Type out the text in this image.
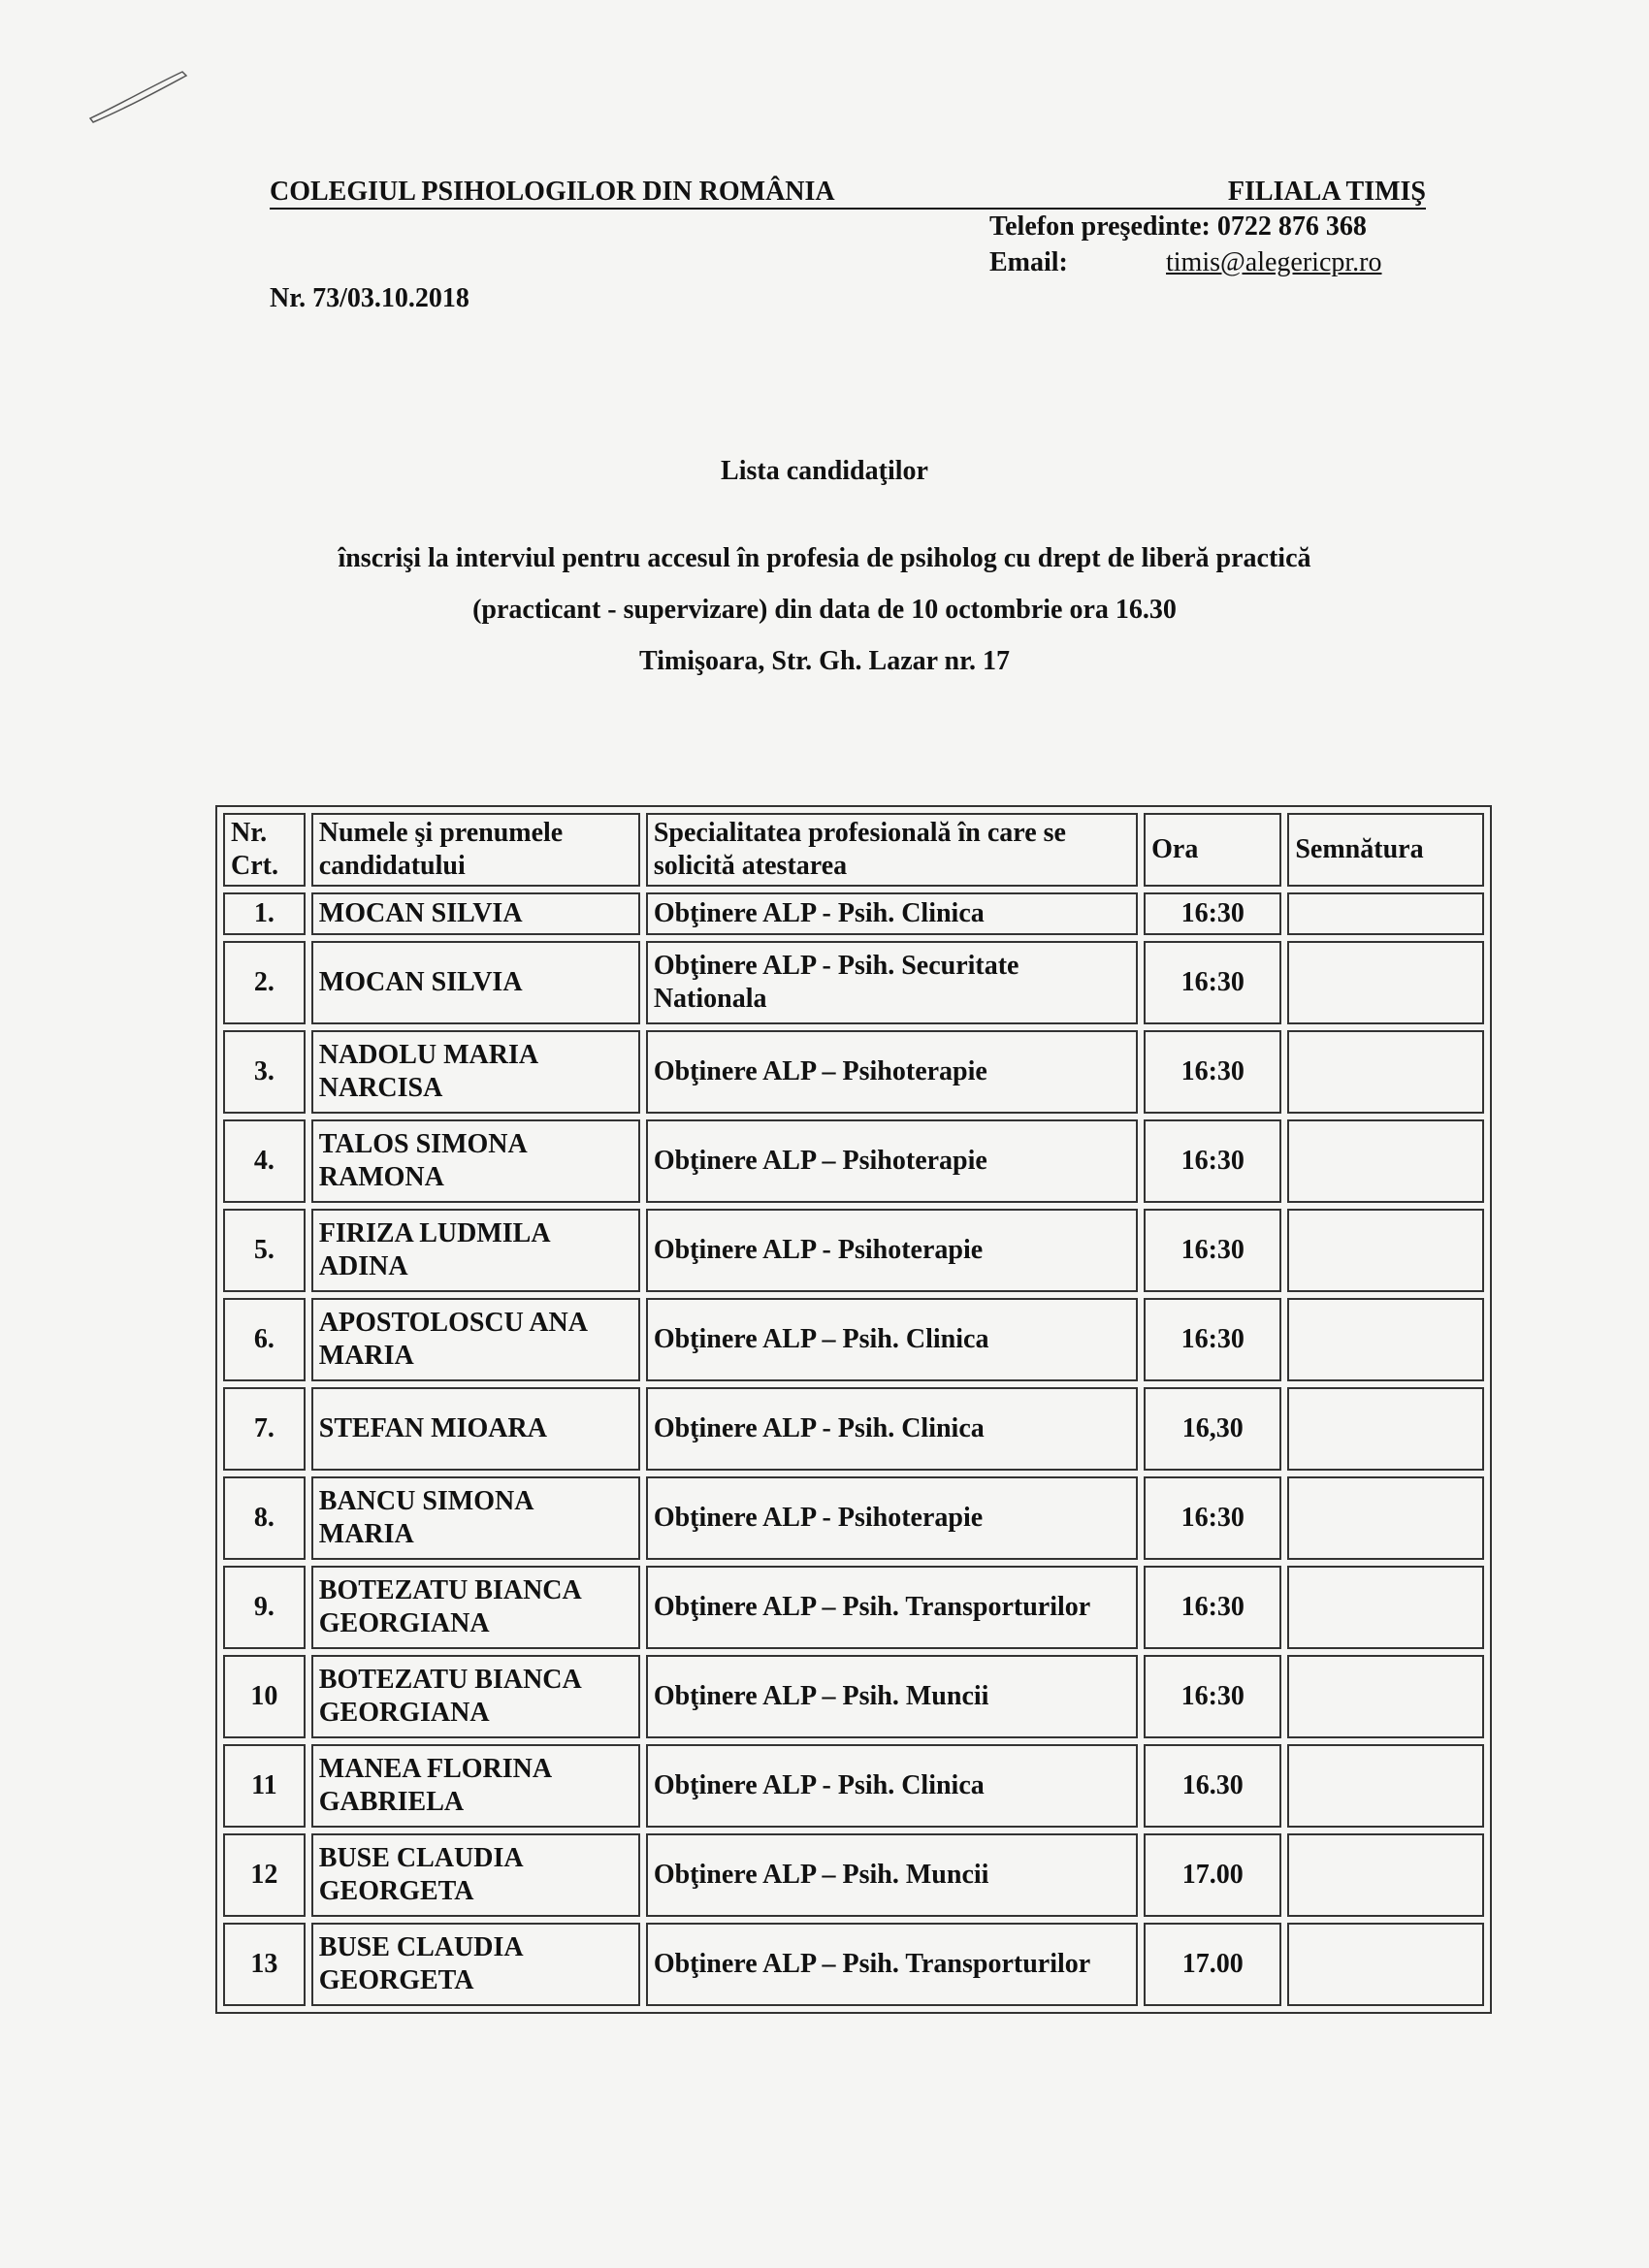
COLEGIUL PSIHOLOGILOR DIN ROMÂNIA	FILIALA TIMIŞ
Telefon preşedinte: 0722 876 368
Email:	timis@alegericpr.ro
Nr. 73/03.10.2018
Lista candidaţilor
înscrişi la interviul pentru accesul în profesia de psiholog cu drept de liberă practică
(practicant - supervizare) din data de 10 octombrie ora 16.30
Timişoara, Str. Gh. Lazar nr. 17
Nr. Crt.	Numele şi prenumele candidatului	Specialitatea profesională în care se solicită atestarea	Ora	Semnătura
1.	MOCAN SILVIA	Obţinere ALP - Psih. Clinica	16:30	
2.	MOCAN SILVIA	Obţinere ALP - Psih. Securitate Nationala	16:30	
3.	NADOLU MARIA NARCISA	Obţinere ALP – Psihoterapie	16:30	
4.	TALOS SIMONA RAMONA	Obţinere ALP – Psihoterapie	16:30	
5.	FIRIZA LUDMILA ADINA	Obţinere ALP - Psihoterapie	16:30	
6.	APOSTOLOSCU ANA MARIA	Obţinere ALP – Psih. Clinica	16:30	
7.	STEFAN MIOARA	Obţinere ALP - Psih. Clinica	16,30	
8.	BANCU SIMONA MARIA	Obţinere ALP - Psihoterapie	16:30	
9.	BOTEZATU BIANCA GEORGIANA	Obţinere ALP – Psih. Transporturilor	16:30	
10	BOTEZATU BIANCA GEORGIANA	Obţinere ALP – Psih. Muncii	16:30	
11	MANEA FLORINA GABRIELA	Obţinere ALP - Psih. Clinica	16.30	
12	BUSE CLAUDIA GEORGETA	Obţinere ALP – Psih. Muncii	17.00	
13	BUSE CLAUDIA GEORGETA	Obţinere ALP – Psih. Transporturilor	17.00	
